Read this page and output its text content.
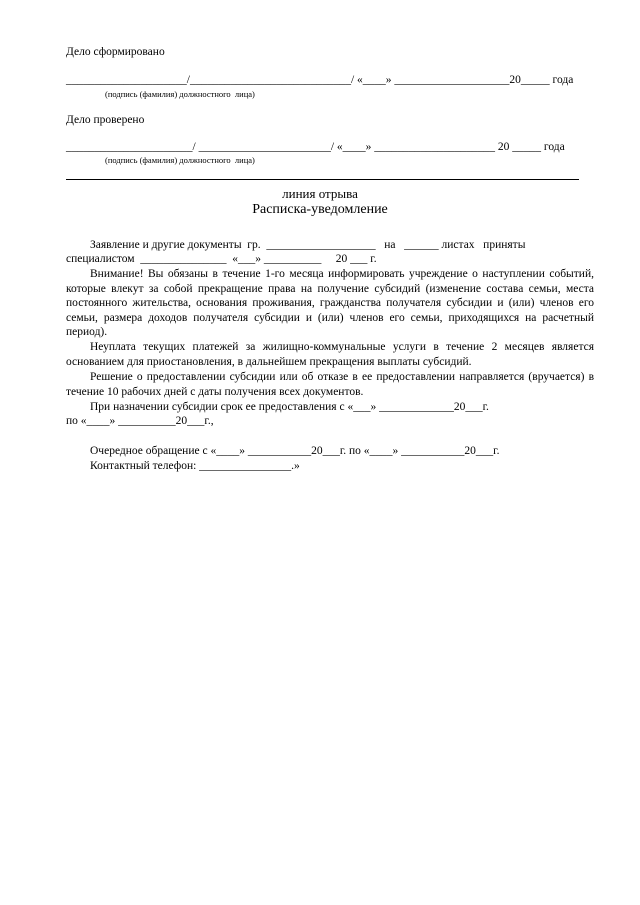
Дело сформировано
_____________________/____________________________/ «____» ____________________20_____ года
(подпись (фамилия) должностного  лица)
Дело проверено
______________________/ _______________________/ «____» _____________________ 20 _____ года
(подпись (фамилия) должностного  лица)
линия отрыва
Расписка-уведомление
Заявление и другие документы  гр.  ___________________   на   ______ листах   приняты
специалистом  _______________  «___» __________     20 ___ г.

Внимание! Вы обязаны в течение 1-го месяца информировать учреждение о наступлении событий, которые влекут за собой прекращение права на получение субсидий (изменение состава семьи, места постоянного жительства, основания проживания, гражданства получателя субсидии и (или) членов его семьи, размера доходов получателя субсидии и (или) членов его семьи, приходящихся на расчетный период).

Неуплата текущих платежей за жилищно-коммунальные услуги в течение 2 месяцев является основанием для приостановления, в дальнейшем прекращения выплаты субсидий.

Решение о предоставлении субсидии или об отказе в ее предоставлении направляется (вручается) в течение 10 рабочих дней с даты получения всех документов.

При назначении субсидии срок ее предоставления с «___» _____________20___г.
по «____» __________20___г.,
Очередное обращение с «____» ___________20___г. по «____» ___________20___г.
Контактный телефон: ________________.»
